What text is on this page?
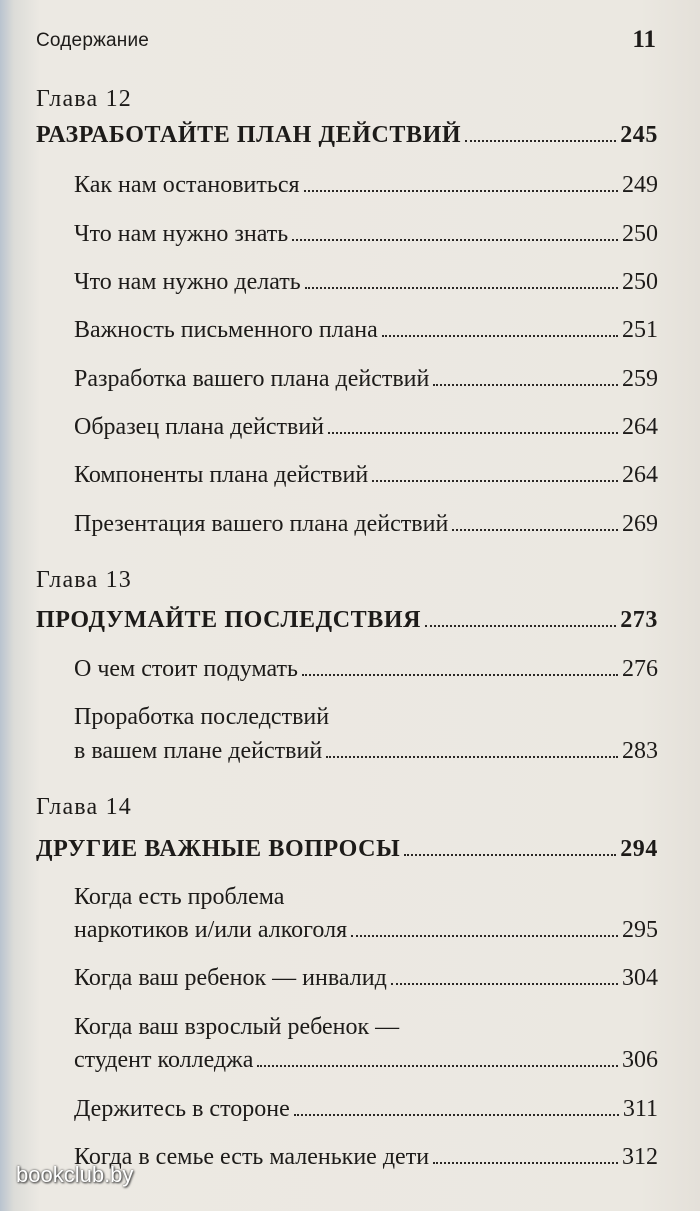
Содержание	11
Глава 12
РАЗРАБОТАЙТЕ ПЛАН ДЕЙСТВИЙ	245
Как нам остановиться	249
Что нам нужно знать	250
Что нам нужно делать	250
Важность письменного плана	251
Разработка вашего плана действий	259
Образец плана действий	264
Компоненты плана действий	264
Презентация вашего плана действий	269
Глава 13
ПРОДУМАЙТЕ ПОСЛЕДСТВИЯ	273
О чем стоит подумать	276
Проработка последствий
в вашем плане действий	283
Глава 14
ДРУГИЕ ВАЖНЫЕ ВОПРОСЫ	294
Когда есть проблема
наркотиков и/или алкоголя	295
Когда ваш ребенок — инвалид	304
Когда ваш взрослый ребенок —
студент колледжа	306
Держитесь в стороне	311
Когда в семье есть маленькие дети	312
bookclub.by
